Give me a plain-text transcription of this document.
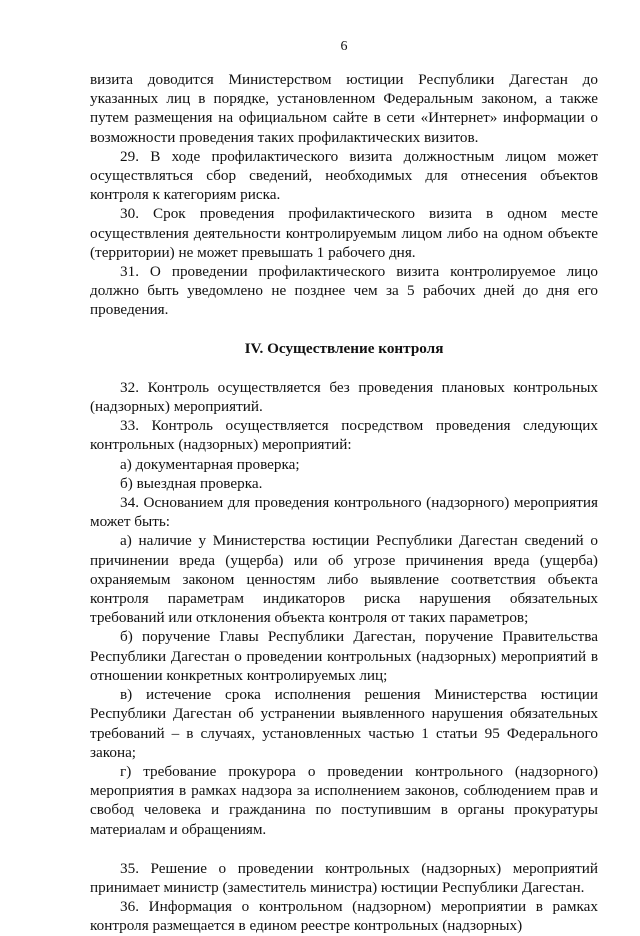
6

визита доводится Министерством юстиции Республики Дагестан до указанных лиц в порядке, установленном Федеральным законом, а также путем размещения на официальном сайте в сети «Интернет» информации о возможности проведения таких профилактических визитов.

29. В ходе профилактического визита должностным лицом может осуществляться сбор сведений, необходимых для отнесения объектов контроля к категориям риска.

30. Срок проведения профилактического визита в одном месте осуществления деятельности контролируемым лицом либо на одном объекте (территории) не может превышать 1 рабочего дня.

31. О проведении профилактического визита контролируемое лицо должно быть уведомлено не позднее чем за 5 рабочих дней до дня его проведения.

IV. Осуществление контроля

32. Контроль осуществляется без проведения плановых контрольных (надзорных) мероприятий.

33. Контроль осуществляется посредством проведения следующих контрольных (надзорных) мероприятий:

а) документарная проверка;

б) выездная проверка.

34. Основанием для проведения контрольного (надзорного) мероприятия может быть:

а) наличие у Министерства юстиции Республики Дагестан сведений о причинении вреда (ущерба) или об угрозе причинения вреда (ущерба) охраняемым законом ценностям либо выявление соответствия объекта контроля параметрам индикаторов риска нарушения обязательных требований или отклонения объекта контроля от таких параметров;

б) поручение Главы Республики Дагестан, поручение Правительства Республики Дагестан о проведении контрольных (надзорных) мероприятий в отношении конкретных контролируемых лиц;

в) истечение срока исполнения решения Министерства юстиции Республики Дагестан об устранении выявленного нарушения обязательных требований – в случаях, установленных частью 1 статьи 95 Федерального закона;

г) требование прокурора о проведении контрольного (надзорного) мероприятия в рамках надзора за исполнением законов, соблюдением прав и свобод человека и гражданина по поступившим в органы прокуратуры материалам и обращениям.

35. Решение о проведении контрольных (надзорных) мероприятий принимает министр (заместитель министра) юстиции Республики Дагестан.

36. Информация о контрольном (надзорном) мероприятии в рамках контроля размещается в едином реестре контрольных (надзорных)
